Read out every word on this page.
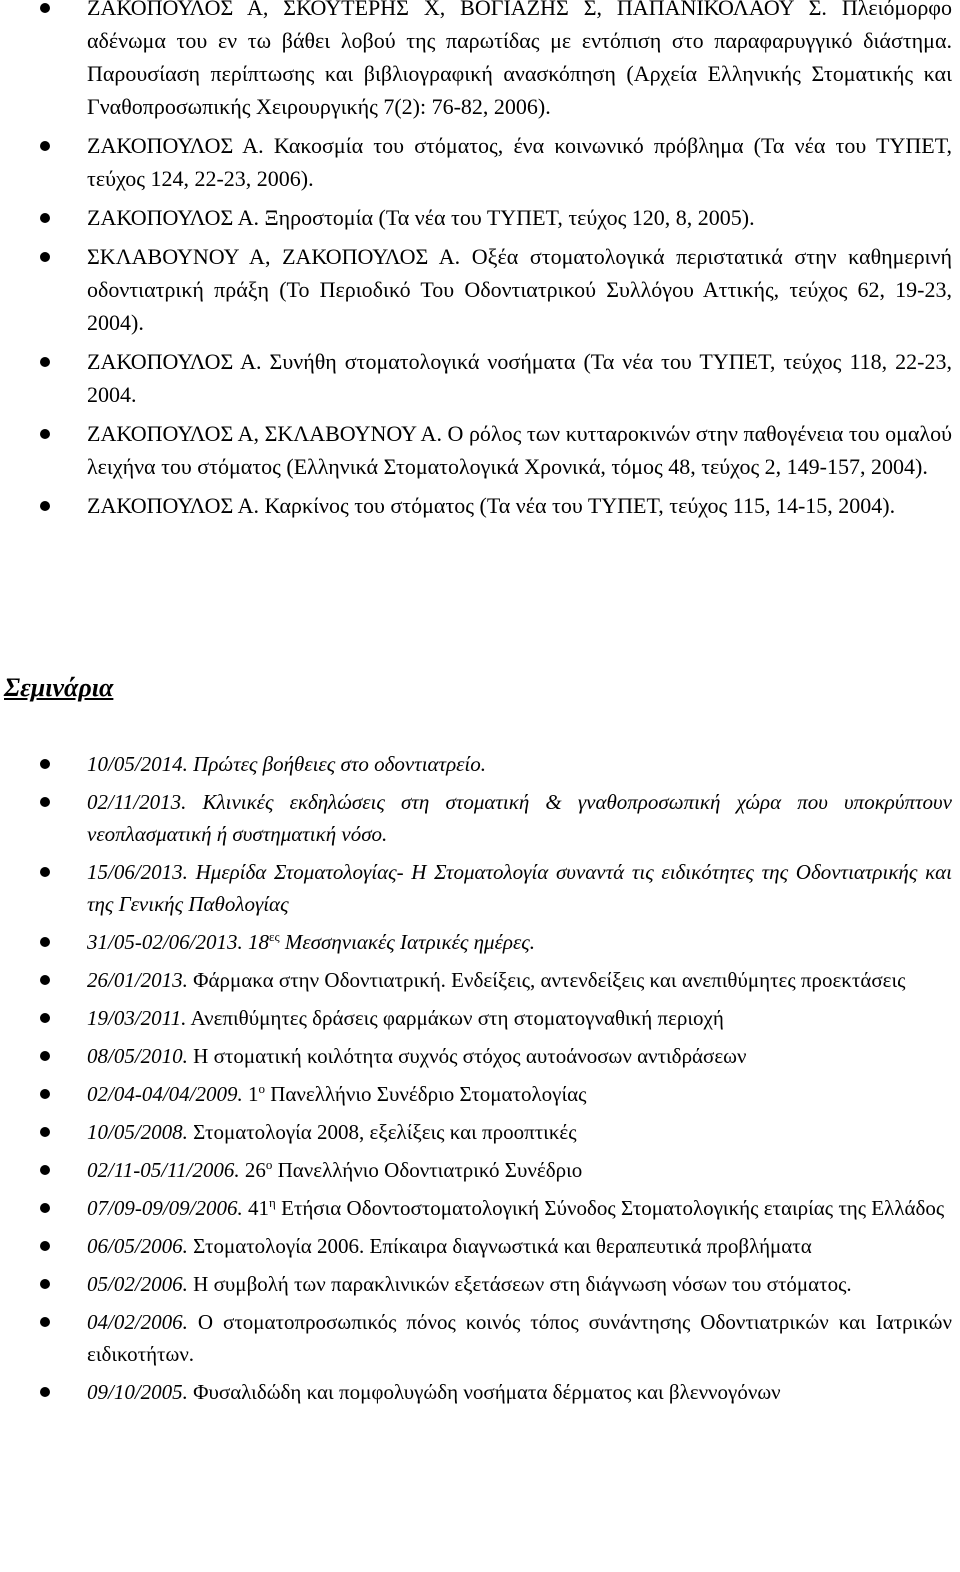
ΖΑΚΟΠΟΥΛΟΣ Α, ΣΚΟΥΤΕΡΗΣ Χ, ΒΟΓΙΑΖΗΣ Σ, ΠΑΠΑΝΙΚΟΛΑΟΥ Σ. Πλειόμορφο αδένωμα του εν τω βάθει λοβού της παρωτίδας με εντόπιση στο παραφαρυγγικό διάστημα. Παρουσίαση περίπτωσης και βιβλιογραφική ανασκόπηση (Αρχεία Ελληνικής Στοματικής και Γναθοπροσωπικής Χειρουργικής 7(2): 76-82, 2006).
ΖΑΚΟΠΟΥΛΟΣ Α. Κακοσμία του στόματος, ένα κοινωνικό πρόβλημα (Τα νέα του ΤΥΠΕΤ, τεύχος 124, 22-23, 2006).
ΖΑΚΟΠΟΥΛΟΣ Α. Ξηροστομία (Τα νέα του ΤΥΠΕΤ, τεύχος 120, 8, 2005).
ΣΚΛΑΒΟΥΝΟΥ Α, ΖΑΚΟΠΟΥΛΟΣ Α. Οξέα στοματολογικά περιστατικά στην καθημερινή οδοντιατρική πράξη (Το Περιοδικό Του Οδοντιατρικού Συλλόγου Αττικής, τεύχος 62, 19-23, 2004).
ΖΑΚΟΠΟΥΛΟΣ Α. Συνήθη στοματολογικά νοσήματα (Τα νέα του ΤΥΠΕΤ, τεύχος 118, 22-23, 2004.
ΖΑΚΟΠΟΥΛΟΣ Α, ΣΚΛΑΒΟΥΝΟΥ Α. Ο ρόλος των κυτταροκινών στην παθογένεια του ομαλού λειχήνα του στόματος (Ελληνικά Στοματολογικά Χρονικά, τόμος 48, τεύχος 2, 149-157, 2004).
ΖΑΚΟΠΟΥΛΟΣ Α. Καρκίνος του στόματος (Τα νέα του ΤΥΠΕΤ, τεύχος 115, 14-15, 2004).
Σεμινάρια
10/05/2014. Πρώτες βοήθειες στο οδοντιατρείο.
02/11/2013. Κλινικές εκδηλώσεις στη στοματική & γναθοπροσωπική χώρα που υποκρύπτουν νεοπλασματική ή συστηματική νόσο.
15/06/2013. Ημερίδα Στοματολογίας- Η Στοματολογία συναντά τις ειδικότητες της Οδοντιατρικής και της Γενικής Παθολογίας
31/05-02/06/2013. $18^{\varepsilon\varsigma}$ Μεσσηνιακές Ιατρικές ημέρες.
26/01/2013. Φάρμακα στην Οδοντιατρική. Ενδείξεις, αντενδείξεις και ανεπιθύμητες προεκτάσεις
19/03/2011. Ανεπιθύμητες δράσεις φαρμάκων στη στοματογναθική περιοχή
08/05/2010. Η στοματική κοιλότητα συχνός στόχος αυτοάνοσων αντιδράσεων
02/04-04/04/2009. $1^o$ Πανελλήνιο Συνέδριο Στοματολογίας
10/05/2008. Στοματολογία 2008, εξελίξεις και προοπτικές
02/11-05/11/2006. $26^o$ Πανελλήνιο Οδοντιατρικό Συνέδριο
07/09-09/09/2006. $41^\eta$ Ετήσια Οδοντοστοματολογική Σύνοδος Στοματολογικής εταιρίας της Ελλάδος
06/05/2006. Στοματολογία 2006. Επίκαιρα διαγνωστικά και θεραπευτικά προβλήματα
05/02/2006. Η συμβολή των παρακλινικών εξετάσεων στη διάγνωση νόσων του στόματος.
04/02/2006. Ο στοματοπροσωπικός πόνος κοινός τόπος συνάντησης Οδοντιατρικών και Ιατρικών ειδικοτήτων.
09/10/2005. Φυσαλιδώδη και πομφολυγώδη νοσήματα δέρματος και βλεννογόνων
